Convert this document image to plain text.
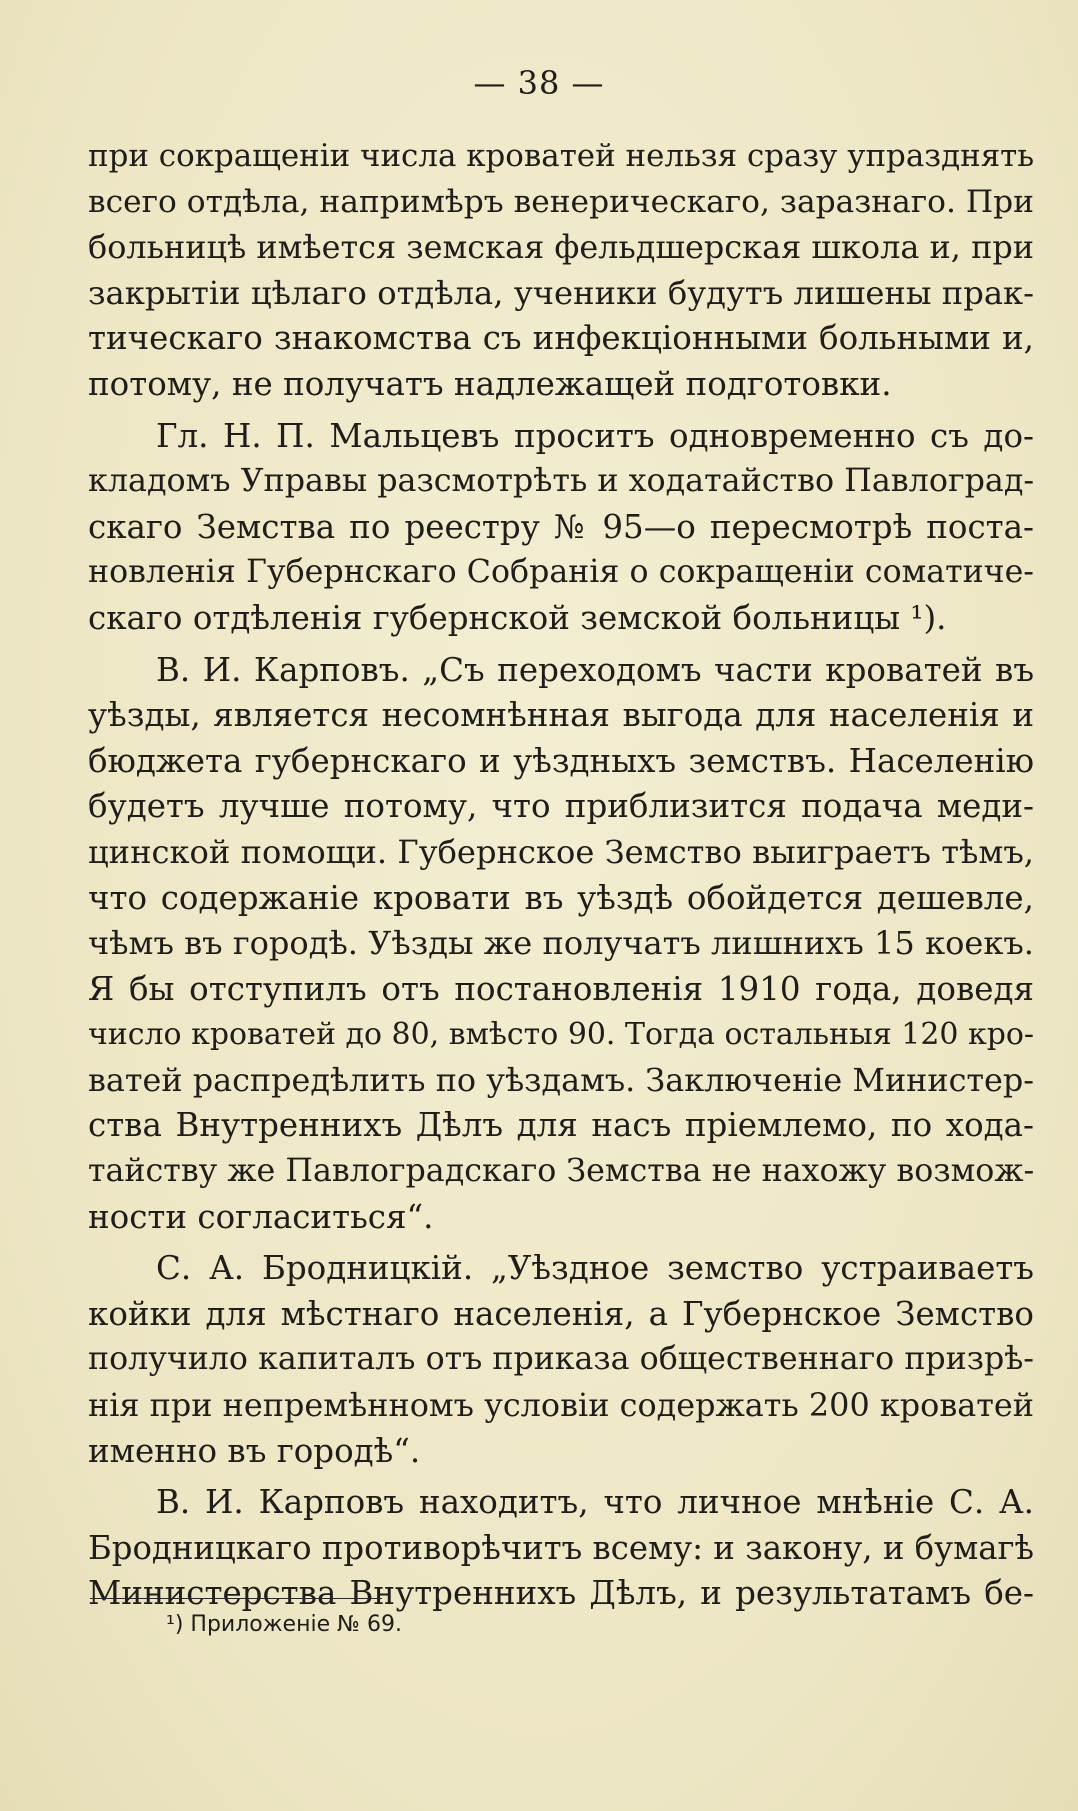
— 38 —
при сокращенiи числа кроватей нельзя сразу упразднять
всего отдѣла, напримѣръ венерическаго, заразнаго. При
больницѣ имѣется земская фельдшерская школа и, при
закрытiи цѣлаго отдѣла, ученики будутъ лишены прак-
тическаго знакомства съ инфекцiонными больными и,
потому, не получатъ надлежащей подготовки.
Гл. Н. П. Мальцевъ проситъ одновременно съ до-
кладомъ Управы разсмотрѣть и ходатайство Павлоград-
скаго Земства по реестру № 95—о пересмотрѣ поста-
новленiя Губернскаго Собранiя о сокращенiи соматиче-
скаго отдѣленiя губернской земской больницы ¹).
В. И. Карповъ. „Съ переходомъ части кроватей въ
уѣзды, является несомнѣнная выгода для населенiя и
бюджета губернскаго и уѣздныхъ земствъ. Населенiю
будетъ лучше потому, что приблизится подача меди-
цинской помощи. Губернское Земство выиграетъ тѣмъ,
что содержанiе кровати въ уѣздѣ обойдется дешевле,
чѣмъ въ городѣ. Уѣзды же получатъ лишнихъ 15 коекъ.
Я бы отступилъ отъ постановленiя 1910 года, доведя
число кроватей до 80, вмѣсто 90. Тогда остальныя 120 кро-
ватей распредѣлить по уѣздамъ. Заключенiе Министер-
ства Внутреннихъ Дѣлъ для насъ прiемлемо, по хода-
тайству же Павлоградскаго Земства не нахожу возмож-
ности согласиться“.
С. А. Бродницкiй. „Уѣздное земство устраиваетъ
койки для мѣстнаго населенiя, а Губернское Земство
получило капиталъ отъ приказа общественнаго призрѣ-
нiя при непремѣнномъ условiи содержать 200 кроватей
именно въ городѣ“.
В. И. Карповъ находитъ, что личное мнѣнiе С. А.
Бродницкаго противорѣчитъ всему: и закону, и бумагѣ
Министерства Внутреннихъ Дѣлъ, и результатамъ бе-
¹) Приложенiе № 69.
